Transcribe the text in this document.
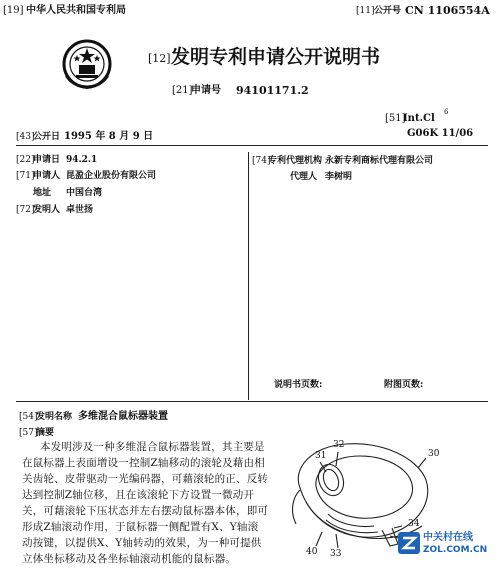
[19] 中华人民共和国专利局	[11] 公开号 CN 1106554A
[12] 发明专利申请公开说明书
[21]
申请号 94101171.2
[51]
Int.Cl
6
G06K 11/06
[43]
公开日 1995 年 8 月 9 日
[22]
申请日 94.2.1
[71]
申请人 昆盈企业股份有限公司
地址 中国台湾
[72]
发明人 卓世扬
[74]
专利代理机构 永新专利商标代理有限公司
代理人 李树明
说明书页数:	附图页数:
[54]
发明名称 多维混合鼠标器装置
[57]
摘要
本发明涉及一种多维混合鼠标器装置，其主要是
在鼠标器上表面增设一控制Z轴移动的滚轮及藉由相
关齿轮、皮带驱动一光编码器，可藉滚轮的正、反转
达到控制Z轴位移，且在该滚轮下方设置一微动开
关，可藉滚轮下压状态并左右摆动鼠标器本体，即可
形成Z轴滚动作用，于鼠标器一侧配置有X、Y轴滚
动按键，以提供X、Y轴转动的效果，为一种可提供
立体坐标移动及各坐标轴滚动机能的鼠标器。
31
32
30
34
40 33
中关村在线
ZOL.COM.CN
